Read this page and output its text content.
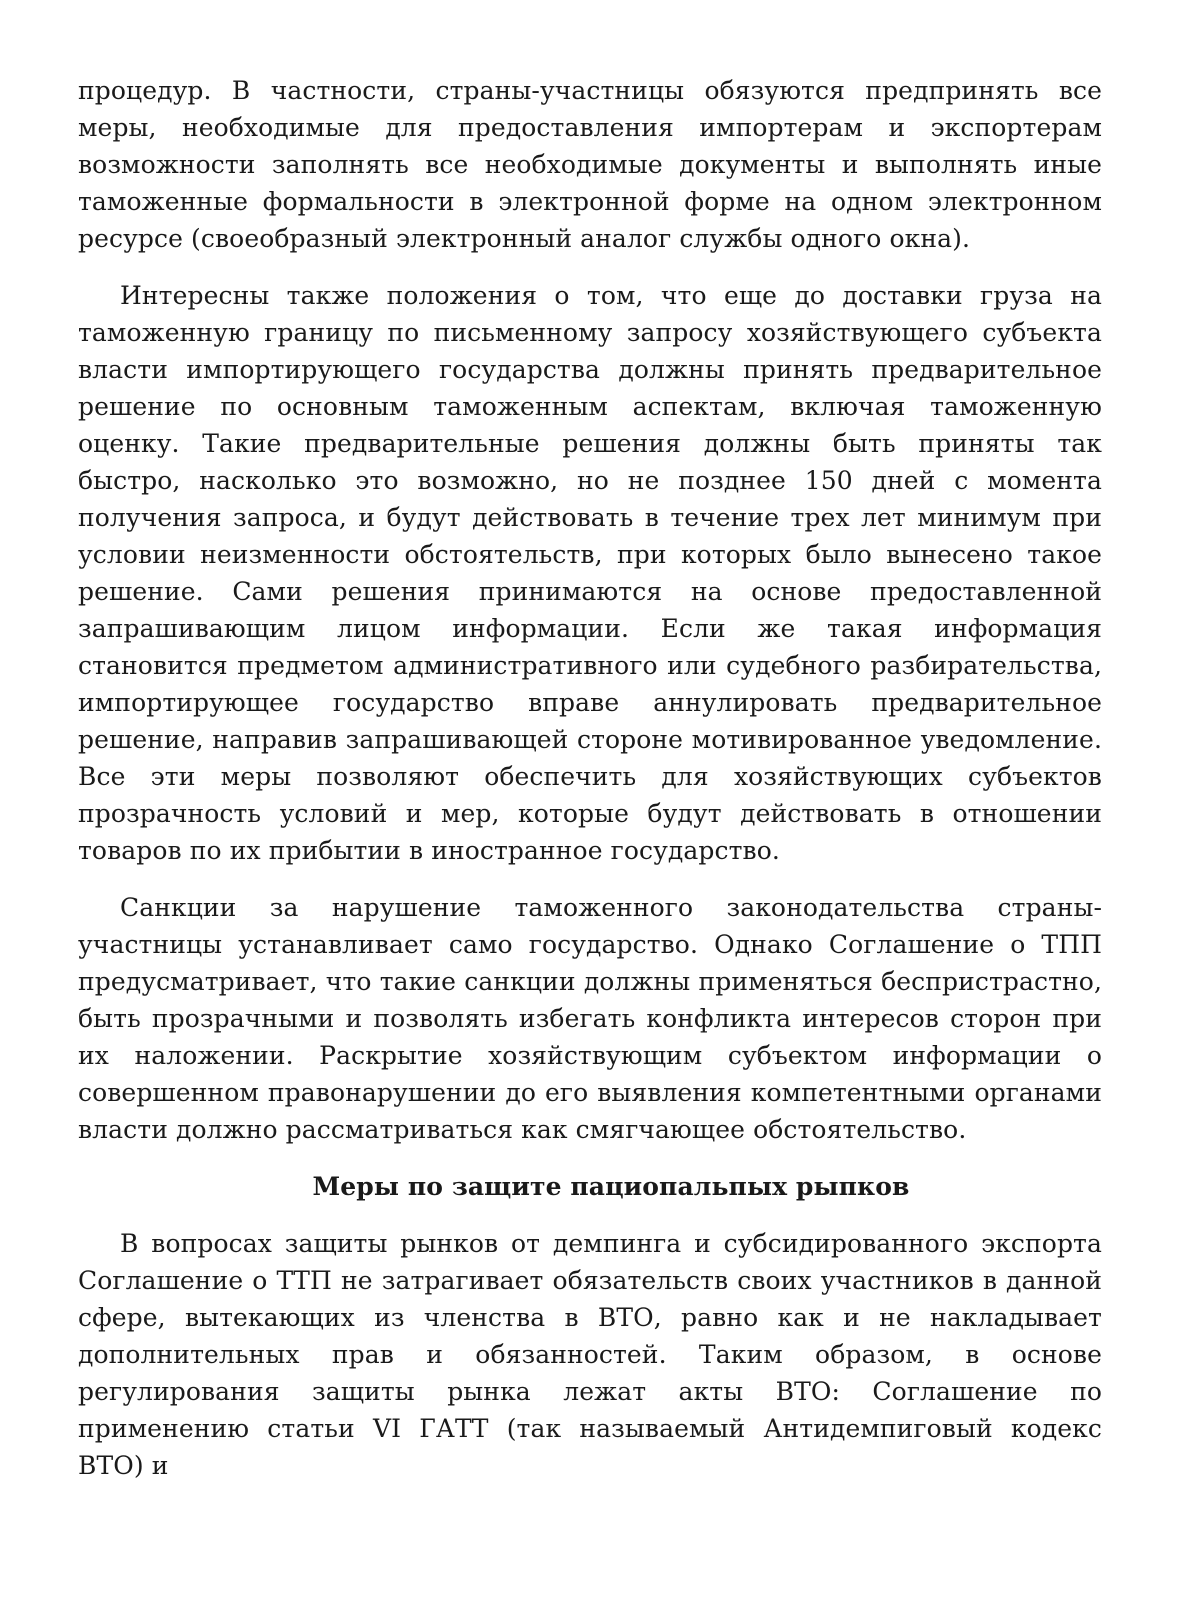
процедур. В частности, страны-участницы обязуются предпринять все меры, необходимые для предоставления импортерам и экспортерам возможности заполнять все необходимые документы и выполнять иные таможенные формальности в электронной форме на одном электронном ресурсе (своеобразный электронный аналог службы одного окна).

Интересны также положения о том, что еще до доставки груза на таможенную границу по письменному запросу хозяйствующего субъекта власти импортирующего государства должны принять предварительное решение по основным таможенным аспектам, включая таможенную оценку. Такие предварительные решения должны быть приняты так быстро, насколько это возможно, но не позднее 150 дней с момента получения запроса, и будут действовать в течение трех лет минимум при условии неизменности обстоятельств, при которых было вынесено такое решение. Сами решения принимаются на основе предоставленной запрашивающим лицом информации. Если же такая информация становится предметом административного или судебного разбирательства, импортирующее государство вправе аннулировать предварительное решение, направив запрашивающей стороне мотивированное уведомление. Все эти меры позволяют обеспечить для хозяйствующих субъектов прозрачность условий и мер, которые будут действовать в отношении товаров по их прибытии в иностранное государство.

Санкции за нарушение таможенного законодательства страны-участницы устанавливает само государство. Однако Соглашение о ТПП предусматривает, что такие санкции должны применяться беспристрастно, быть прозрачными и позволять избегать конфликта интересов сторон при их наложении. Раскрытие хозяйствующим субъектом информации о совершенном правонарушении до его выявления компетентными органами власти должно рассматриваться как смягчающее обстоятельство.

Меры по защите пациопальпых рыпков

В вопросах защиты рынков от демпинга и субсидированного экспорта Соглашение о ТТП не затрагивает обязательств своих участников в данной сфере, вытекающих из членства в ВТО, равно как и не накладывает дополнительных прав и обязанностей. Таким образом, в основе регулирования защиты рынка лежат акты ВТО: Соглашение по применению статьи VI ГАТТ (так называемый Антидемпиговый кодекс ВТО) и
